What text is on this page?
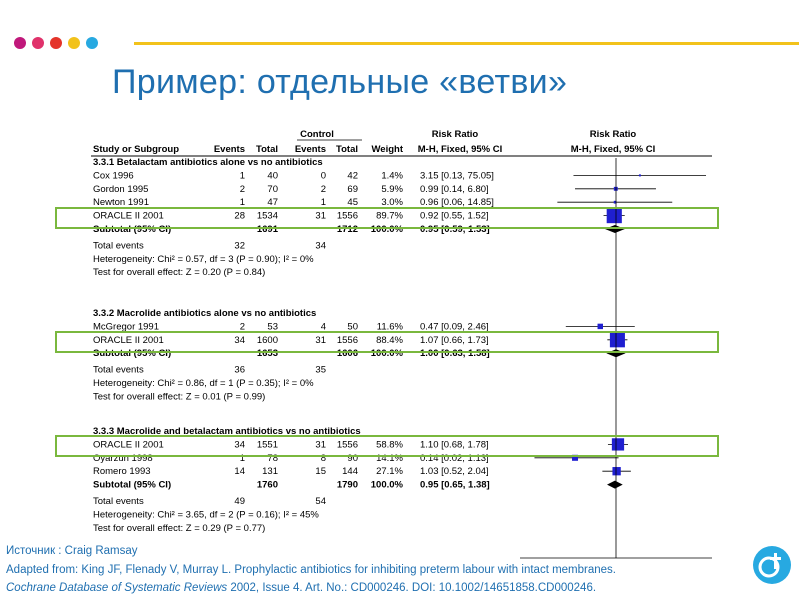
Пример: отдельные «ветви»
Control	Risk Ratio	Risk Ratio
Study or Subgroup	Events Total Events Total Weight M-H, Fixed, 95% CI	M-H, Fixed, 95% CI
3.3.1 Betalactam antibiotics alone vs no antibiotics
Cox 1996	1 40	0 42 1.4% 3.15 [0.13, 75.05]
Gordon 1995	2 70	2 69 5.9% 0.99 [0.14, 6.80]
Newton 1991	1 47	1 45 3.0% 0.96 [0.06, 14.85]
ORACLE II 2001	28 1534	31 1556 89.7% 0.92 [0.55, 1.52]
Subtotal (95% CI)	1691	1712 100.0% 0.95 [0.59, 1.53]
Total events	32	34
Heterogeneity: Chi² = 0.57, df = 3 (P = 0.90); I² = 0%
Test for overall effect: Z = 0.20 (P = 0.84)
3.3.2 Macrolide antibiotics alone vs no antibiotics
McGregor 1991	2 53	4 50 11.6% 0.47 [0.09, 2.46]
ORACLE II 2001	34 1600	31 1556 88.4% 1.07 [0.66, 1.73]
Subtotal (95% CI)	1653	1606 100.0% 1.00 [0.63, 1.58]
Total events	36	35
Heterogeneity: Chi² = 0.86, df = 1 (P = 0.35); I² = 0%
Test for overall effect: Z = 0.01 (P = 0.99)
3.3.3 Macrolide and betalactam antibiotics vs no antibiotics
ORACLE II 2001	34 1551	31 1556 58.8% 1.10 [0.68, 1.78]
Oyarzun 1998	1 78	8 90 14.1% 0.14 [0.02, 1.13]
Romero 1993	14 131	15 144 27.1% 1.03 [0.52, 2.04]
Subtotal (95% CI)	1760	1790 100.0% 0.95 [0.65, 1.38]
Total events	49	54
Heterogeneity: Chi² = 3.65, df = 2 (P = 0.16); I² = 45%
Test for overall effect: Z = 0.29 (P = 0.77)
Источник : Craig Ramsay
Adapted from: King JF, Flenady V, Murray L. Prophylactic antibiotics for inhibiting preterm labour with intact membranes.
Cochrane Database of Systematic Reviews 2002, Issue 4. Art. No.: CD000246. DOI: 10.1002/14651858.CD000246.
